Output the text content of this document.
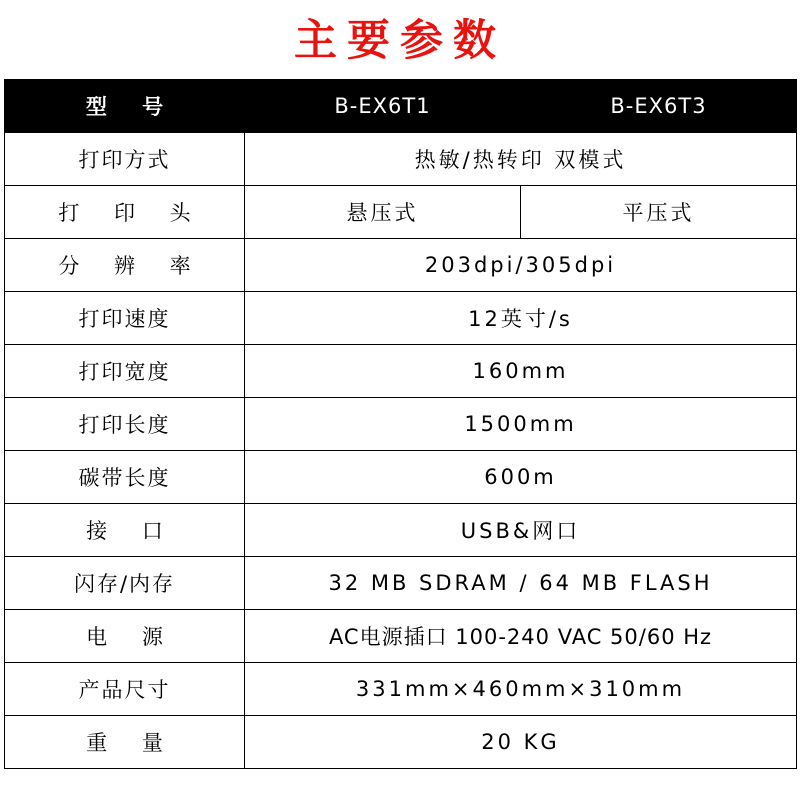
主要参数
型 号	B-EX6T1	B-EX6T3
打印方式	热敏/热转印 双模式	
打 印 头	悬压式	平压式
分 辨 率	203dpi/305dpi	
打印速度	12英寸/s	
打印宽度	160mm	
打印长度	1500mm	
碳带长度	600m	
接 口	USB&网口	
闪存/内存	32 MB SDRAM / 64 MB FLASH	
电 源	AC电源插口 100-240 VAC 50/60 Hz	
产品尺寸	331mm×460mm×310mm	
重 量	20 KG	
